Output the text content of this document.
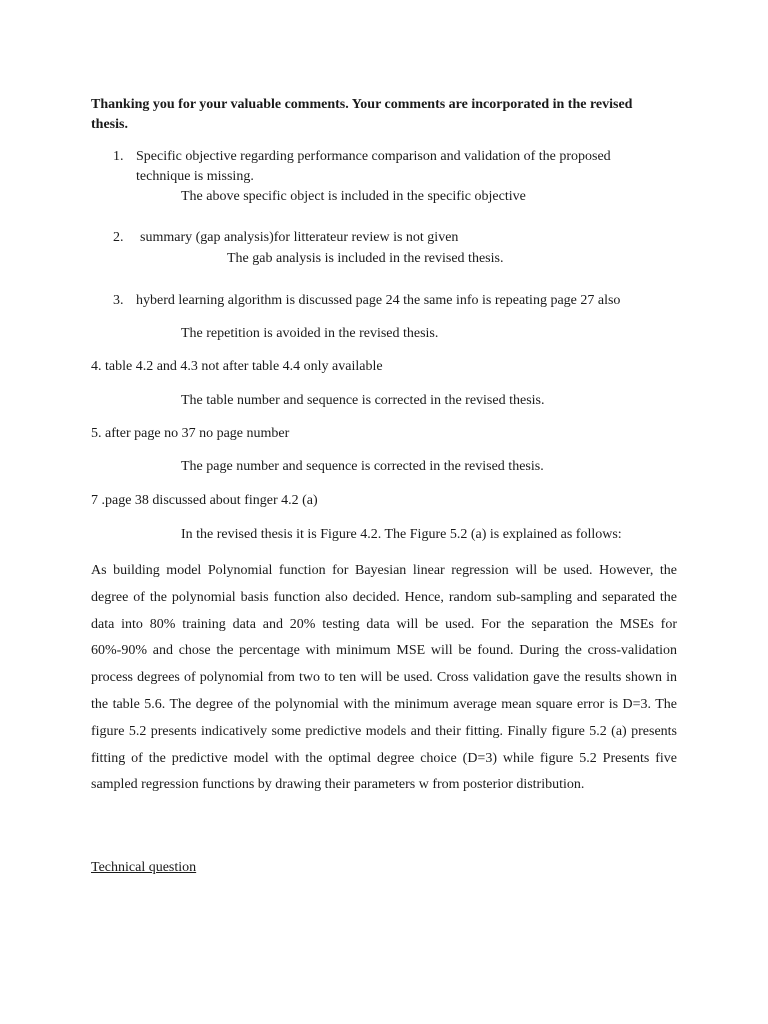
Thanking you for your valuable comments. Your comments are incorporated in the revised thesis.
1. Specific objective regarding performance comparison and validation of the proposed
technique is missing.
The above specific object is included in the specific objective
2. summary (gap analysis)for litterateur review is not given
The gab analysis is included in the revised thesis.
3. hyberd learning algorithm is discussed page 24 the same info is repeating page 27 also
The repetition is avoided in the revised thesis.
4. table 4.2 and 4.3 not after table 4.4 only available
The table number and sequence is corrected in the revised thesis.
5. after page no 37 no page number
The page number and sequence is corrected in the revised thesis.
7 .page 38 discussed about finger 4.2 (a)
In the revised thesis it is Figure 4.2. The Figure 5.2 (a) is explained as follows:
As building model Polynomial function for Bayesian linear regression will be used. However, the degree of the polynomial basis function also decided. Hence, random sub-sampling and separated the data into 80% training data and 20% testing data will be used. For the separation the MSEs for 60%-90% and chose the percentage with minimum MSE will be found. During the cross-validation process degrees of polynomial from two to ten will be used. Cross validation gave the results shown in the table 5.6. The degree of the polynomial with the minimum average mean square error is D=3. The figure 5.2 presents indicatively some predictive models and their fitting. Finally figure 5.2 (a) presents fitting of the predictive model with the optimal degree choice (D=3) while figure 5.2 Presents five sampled regression functions by drawing their parameters w from posterior distribution.
Technical question
